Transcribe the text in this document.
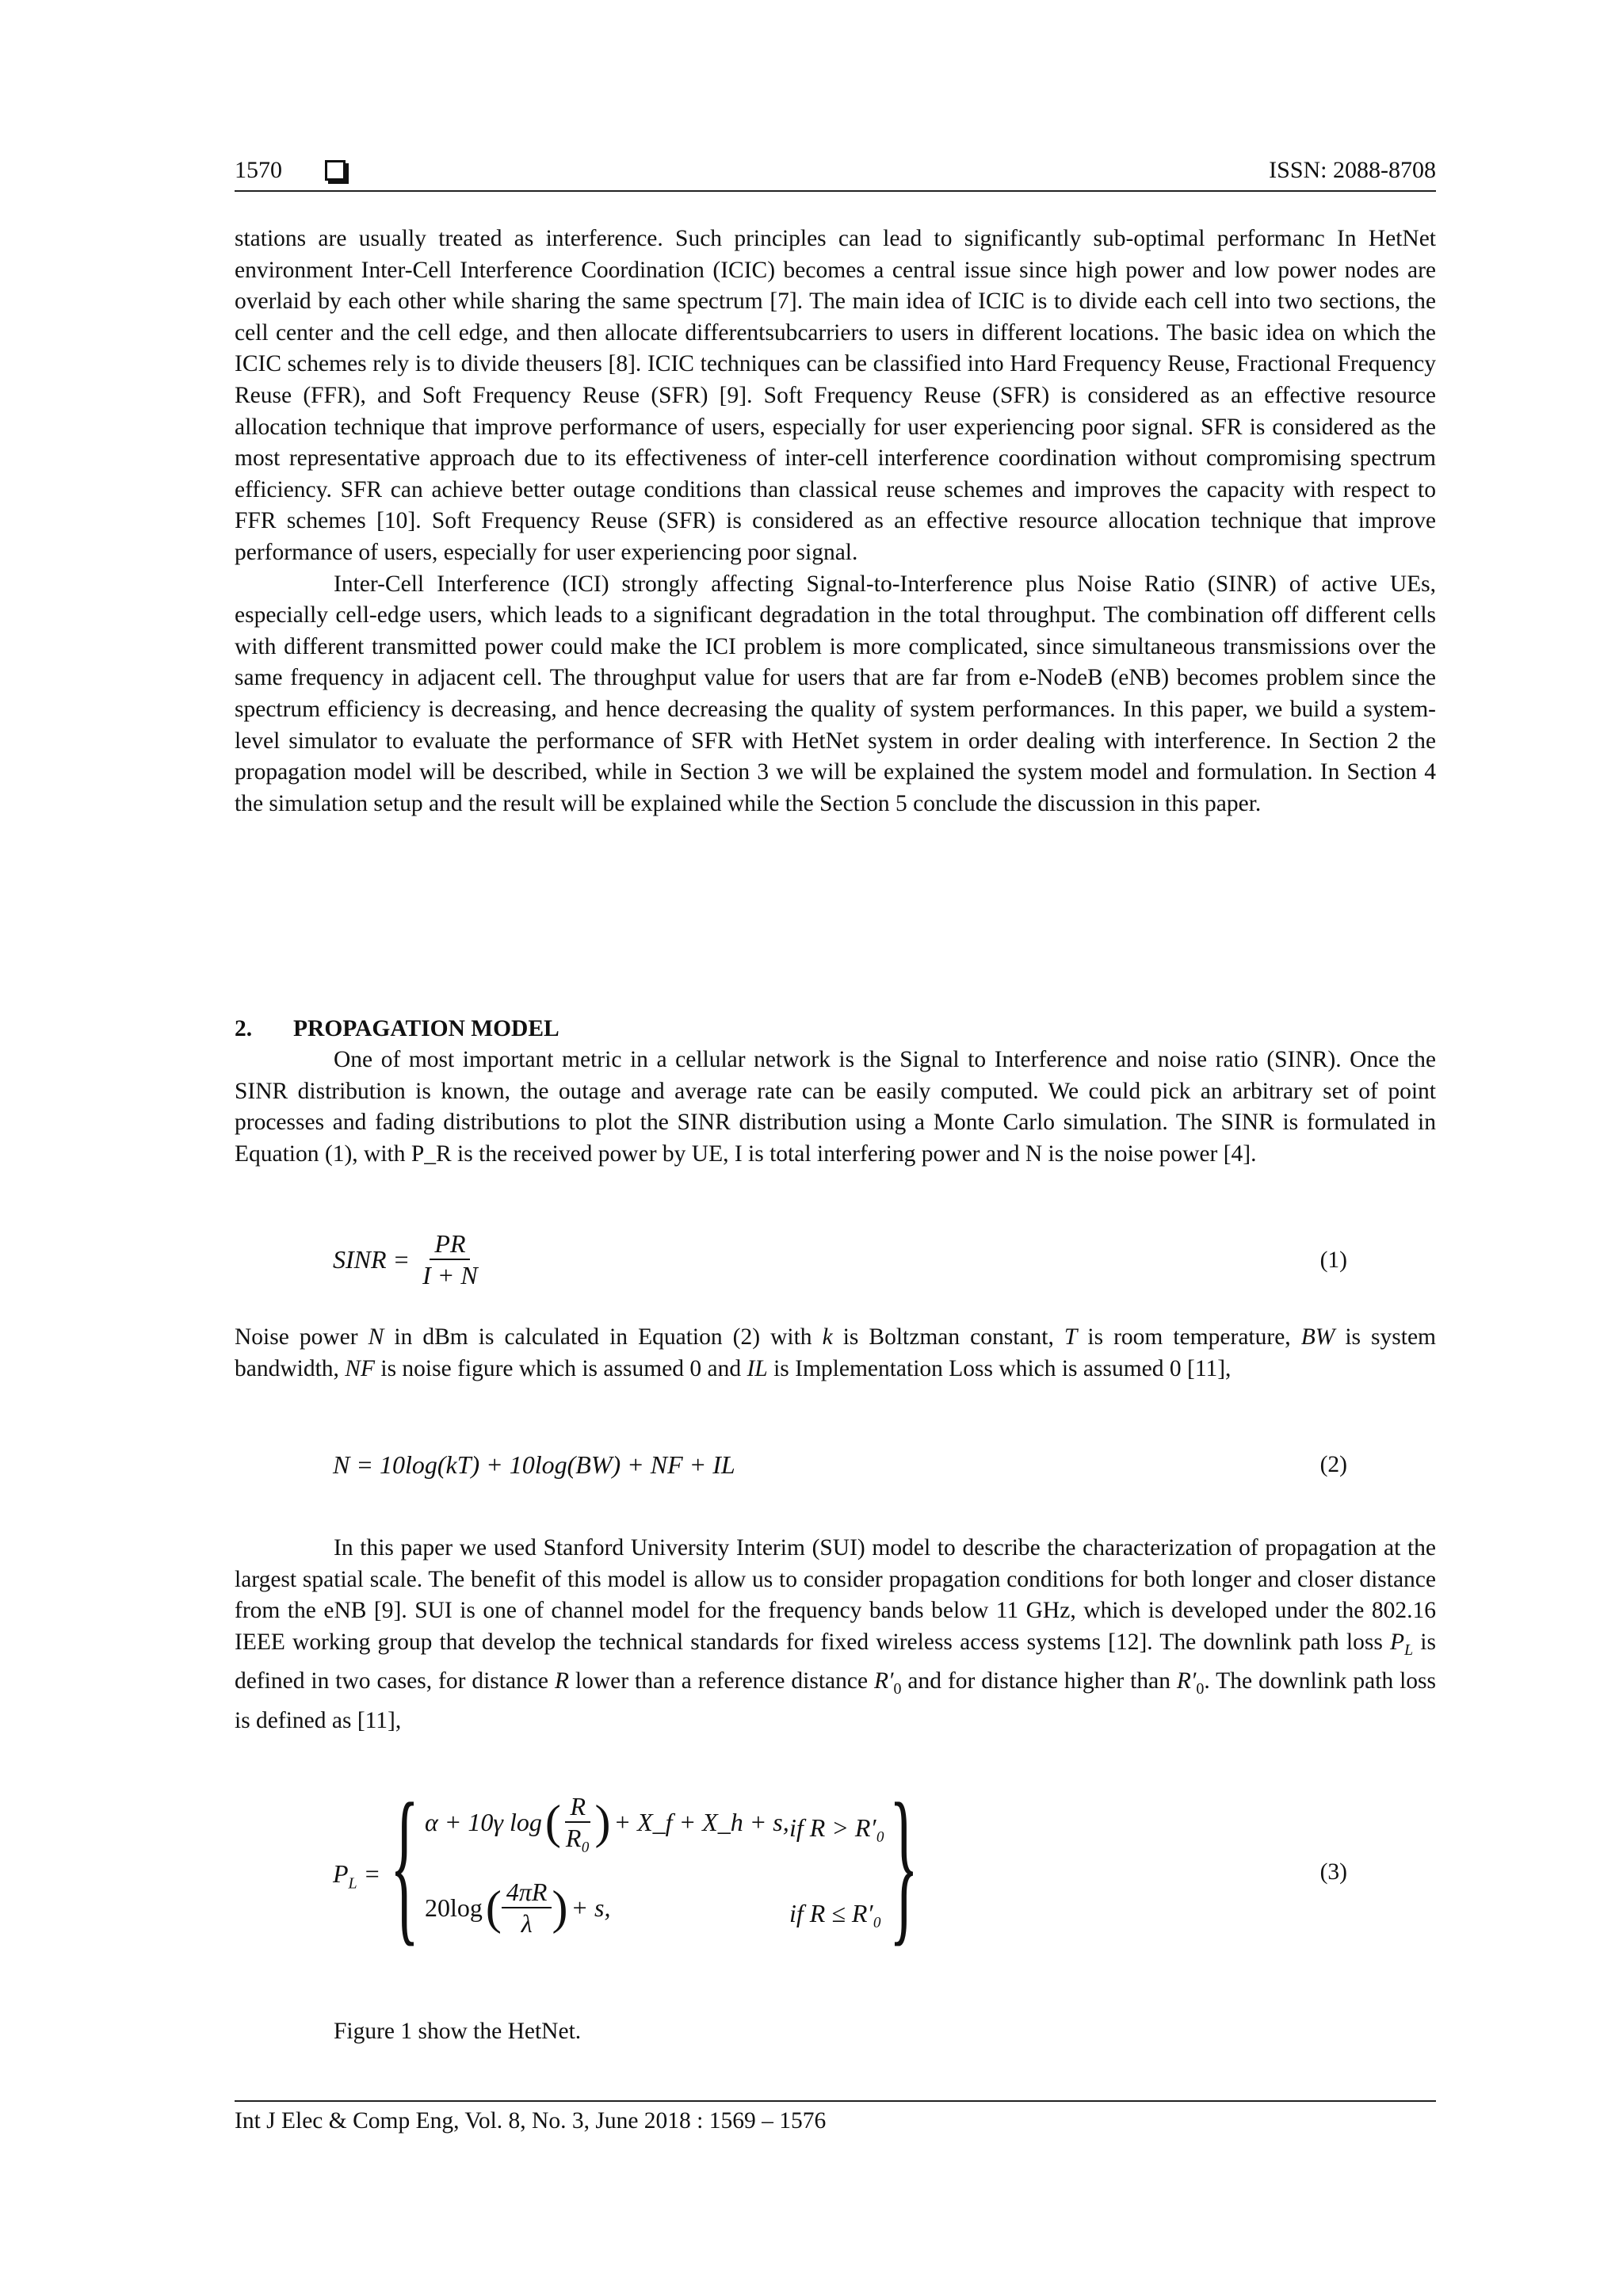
1570	ISSN: 2088-8708

stations are usually treated as interference. Such principles can lead to significantly sub-optimal performanc In HetNet environment Inter-Cell Interference Coordination (ICIC) becomes a central issue since high power and low power nodes are overlaid by each other while sharing the same spectrum [7]. The main idea of ICIC is to divide each cell into two sections, the cell center and the cell edge, and then allocate differentsubcarriers to users in different locations. The basic idea on which the ICIC schemes rely is to divide theusers [8]. ICIC techniques can be classified into Hard Frequency Reuse, Fractional Frequency Reuse (FFR), and Soft Frequency Reuse (SFR) [9]. Soft Frequency Reuse (SFR) is considered as an effective resource allocation technique that improve performance of users, especially for user experiencing poor signal. SFR is considered as the most representative approach due to its effectiveness of inter-cell interference coordination without compromising spectrum efficiency. SFR can achieve better outage conditions than classical reuse schemes and improves the capacity with respect to FFR schemes [10]. Soft Frequency Reuse (SFR) is considered as an effective resource allocation technique that improve performance of users, especially for user experiencing poor signal.

Inter-Cell Interference (ICI) strongly affecting Signal-to-Interference plus Noise Ratio (SINR) of active UEs, especially cell-edge users, which leads to a significant degradation in the total throughput. The combination off different cells with different transmitted power could make the ICI problem is more complicated, since simultaneous transmissions over the same frequency in adjacent cell. The throughput value for users that are far from e-NodeB (eNB) becomes problem since the spectrum efficiency is decreasing, and hence decreasing the quality of system performances. In this paper, we build a system-level simulator to evaluate the performance of SFR with HetNet system in order dealing with interference. In Section 2 the propagation model will be described, while in Section 3 we will be explained the system model and formulation. In Section 4 the simulation setup and the result will be explained while the Section 5 conclude the discussion in this paper.

2. PROPAGATION MODEL

One of most important metric in a cellular network is the Signal to Interference and noise ratio (SINR). Once the SINR distribution is known, the outage and average rate can be easily computed. We could pick an arbitrary set of point processes and fading distributions to plot the SINR distribution using a Monte Carlo simulation. The SINR is formulated in Equation (1), with P_R is the received power by UE, I is total interfering power and N is the noise power [4].

SINR = $\frac{PR}{I + N}$	(1)

Noise power N in dBm is calculated in Equation (2) with k is Boltzman constant, T is room temperature, BW is system bandwidth, NF is noise figure which is assumed 0 and IL is Implementation Loss which is assumed 0 [11],

N = 10log(kT) + 10log(BW) + NF + IL	(2)

In this paper we used Stanford University Interim (SUI) model to describe the characterization of propagation at the largest spatial scale. The benefit of this model is allow us to consider propagation conditions for both longer and closer distance from the eNB [9]. SUI is one of channel model for the frequency bands below 11 GHz, which is developed under the 802.16 IEEE working group that develop the technical standards for fixed wireless access systems [12]. The downlink path loss $P_L$ is defined in two cases, for distance R lower than a reference distance $R'_0$ and for distance higher than $R'_0$. The downlink path loss is defined as [11],

$P_L$ = { α + 10γ log ( $\frac{R}{\text{R₀}}$ ) + X_f + X_h + s, if R > R′₀
20log ( $\frac{4\pi R}{\lambda}$ ) + s,	if R ≤ R′₀ }	(3)

Figure 1 show the HetNet.

Int J Elec & Comp Eng, Vol. 8, No. 3, June 2018 : 1569 – 1576
